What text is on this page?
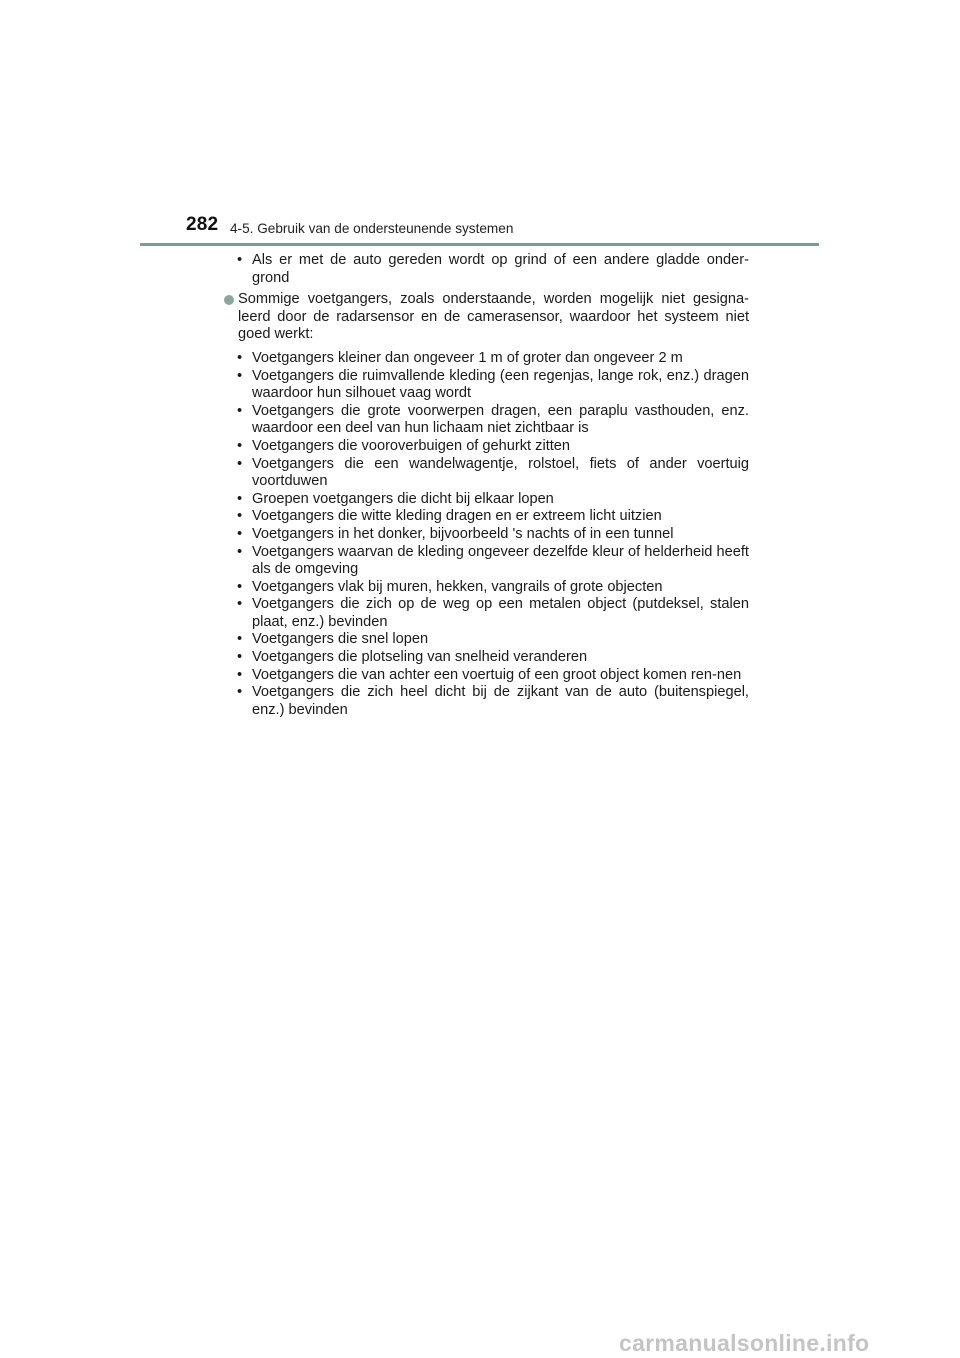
282 4-5. Gebruik van de ondersteunende systemen
• Als er met de auto gereden wordt op grind of een andere gladde onder-grond
Sommige voetgangers, zoals onderstaande, worden mogelijk niet gesigna-leerd door de radarsensor en de camerasensor, waardoor het systeem niet goed werkt:
• Voetgangers kleiner dan ongeveer 1 m of groter dan ongeveer 2 m
• Voetgangers die ruimvallende kleding (een regenjas, lange rok, enz.) dragen waardoor hun silhouet vaag wordt
• Voetgangers die grote voorwerpen dragen, een paraplu vasthouden, enz. waardoor een deel van hun lichaam niet zichtbaar is
• Voetgangers die vooroverbuigen of gehurkt zitten
• Voetgangers die een wandelwagentje, rolstoel, fiets of ander voertuig voortduwen
• Groepen voetgangers die dicht bij elkaar lopen
• Voetgangers die witte kleding dragen en er extreem licht uitzien
• Voetgangers in het donker, bijvoorbeeld 's nachts of in een tunnel
• Voetgangers waarvan de kleding ongeveer dezelfde kleur of helderheid heeft als de omgeving
• Voetgangers vlak bij muren, hekken, vangrails of grote objecten
• Voetgangers die zich op de weg op een metalen object (putdeksel, stalen plaat, enz.) bevinden
• Voetgangers die snel lopen
• Voetgangers die plotseling van snelheid veranderen
• Voetgangers die van achter een voertuig of een groot object komen ren-nen
• Voetgangers die zich heel dicht bij de zijkant van de auto (buitenspiegel, enz.) bevinden
carmanualsonline.info
